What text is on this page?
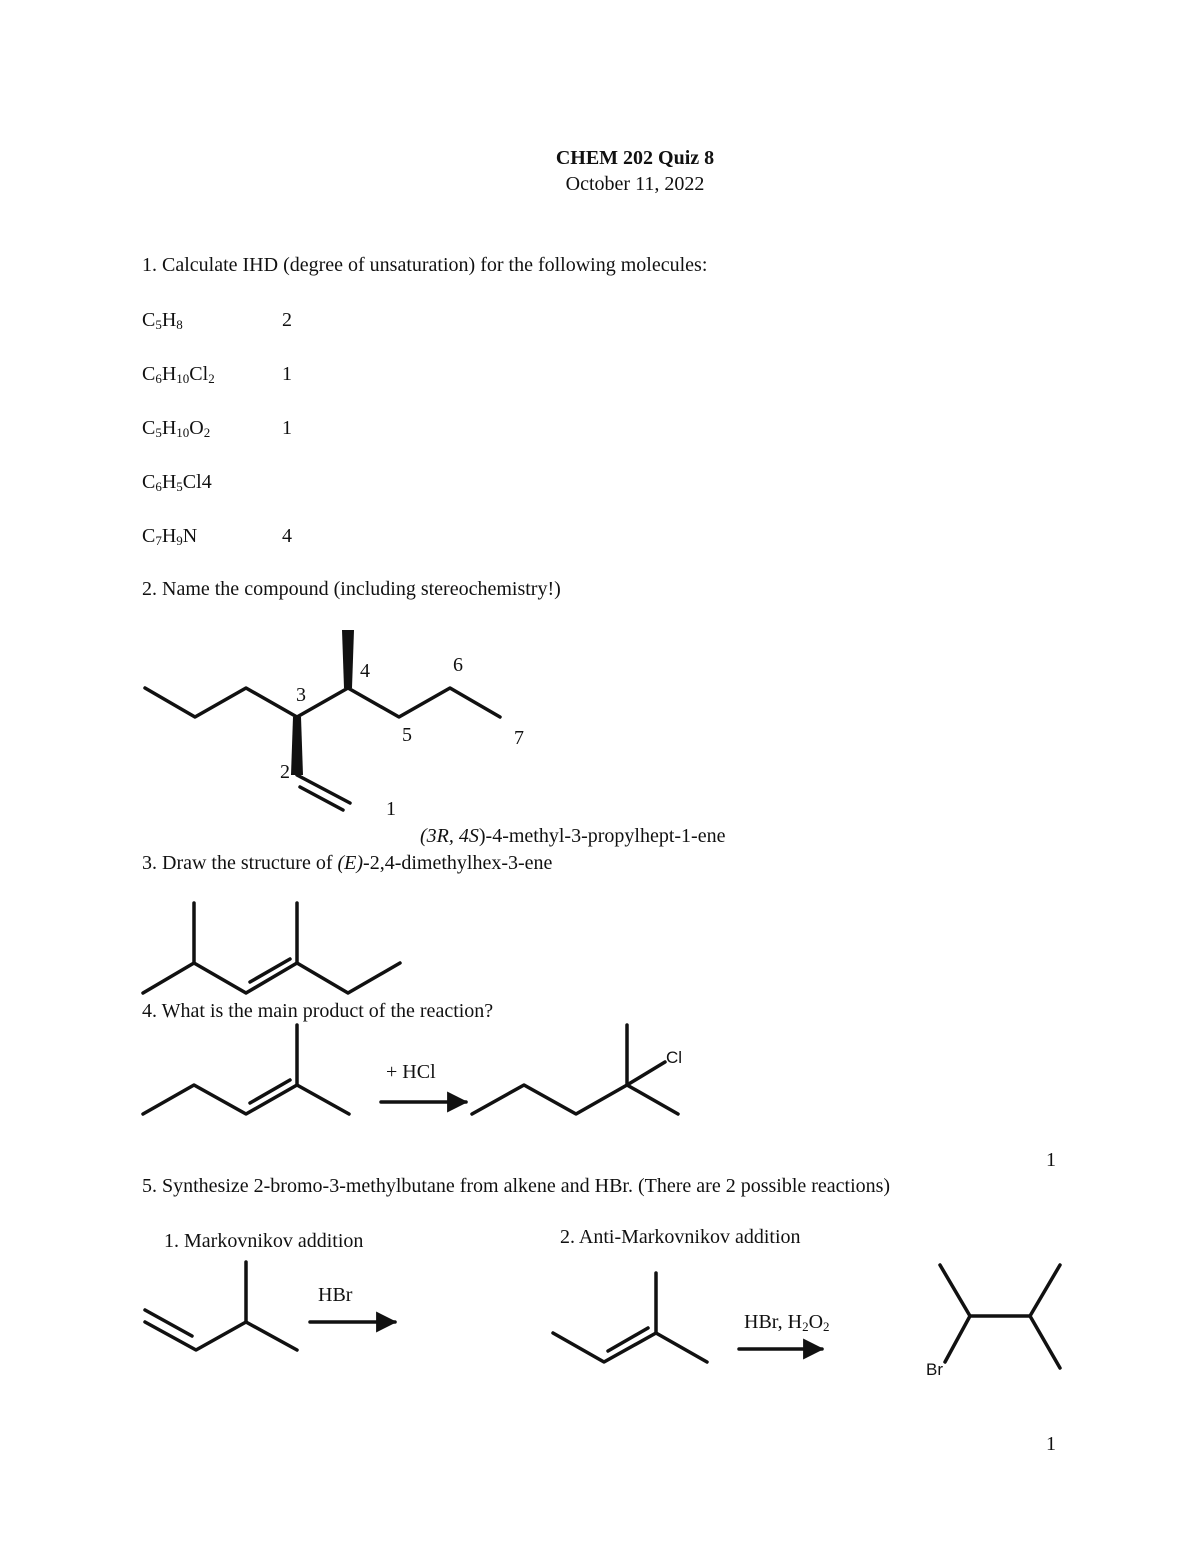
CHEM 202 Quiz 8
October 11, 2022
1. Calculate IHD (degree of unsaturation) for the following molecules:
$C_5H_8$	2
$C_6H_{10}Cl_2$	1
$C_5H_{10}O_2$	1
$C_6H_5Cl4$
$C_7H_9N$	4
2. Name the compound (including stereochemistry!)
(3R, 4S)-4-methyl-3-propylhept-1-ene
3. Draw the structure of (E)-2,4-dimethylhex-3-ene
4. What is the main product of the reaction?
+ HCl
Cl
1
5. Synthesize 2-bromo-3-methylbutane from alkene and HBr. (There are 2 possible reactions)
1. Markovnikov addition
HBr
2. Anti-Markovnikov addition
HBr, $H_2O_2$
Br
1
1
2
3
4
5
6
7
